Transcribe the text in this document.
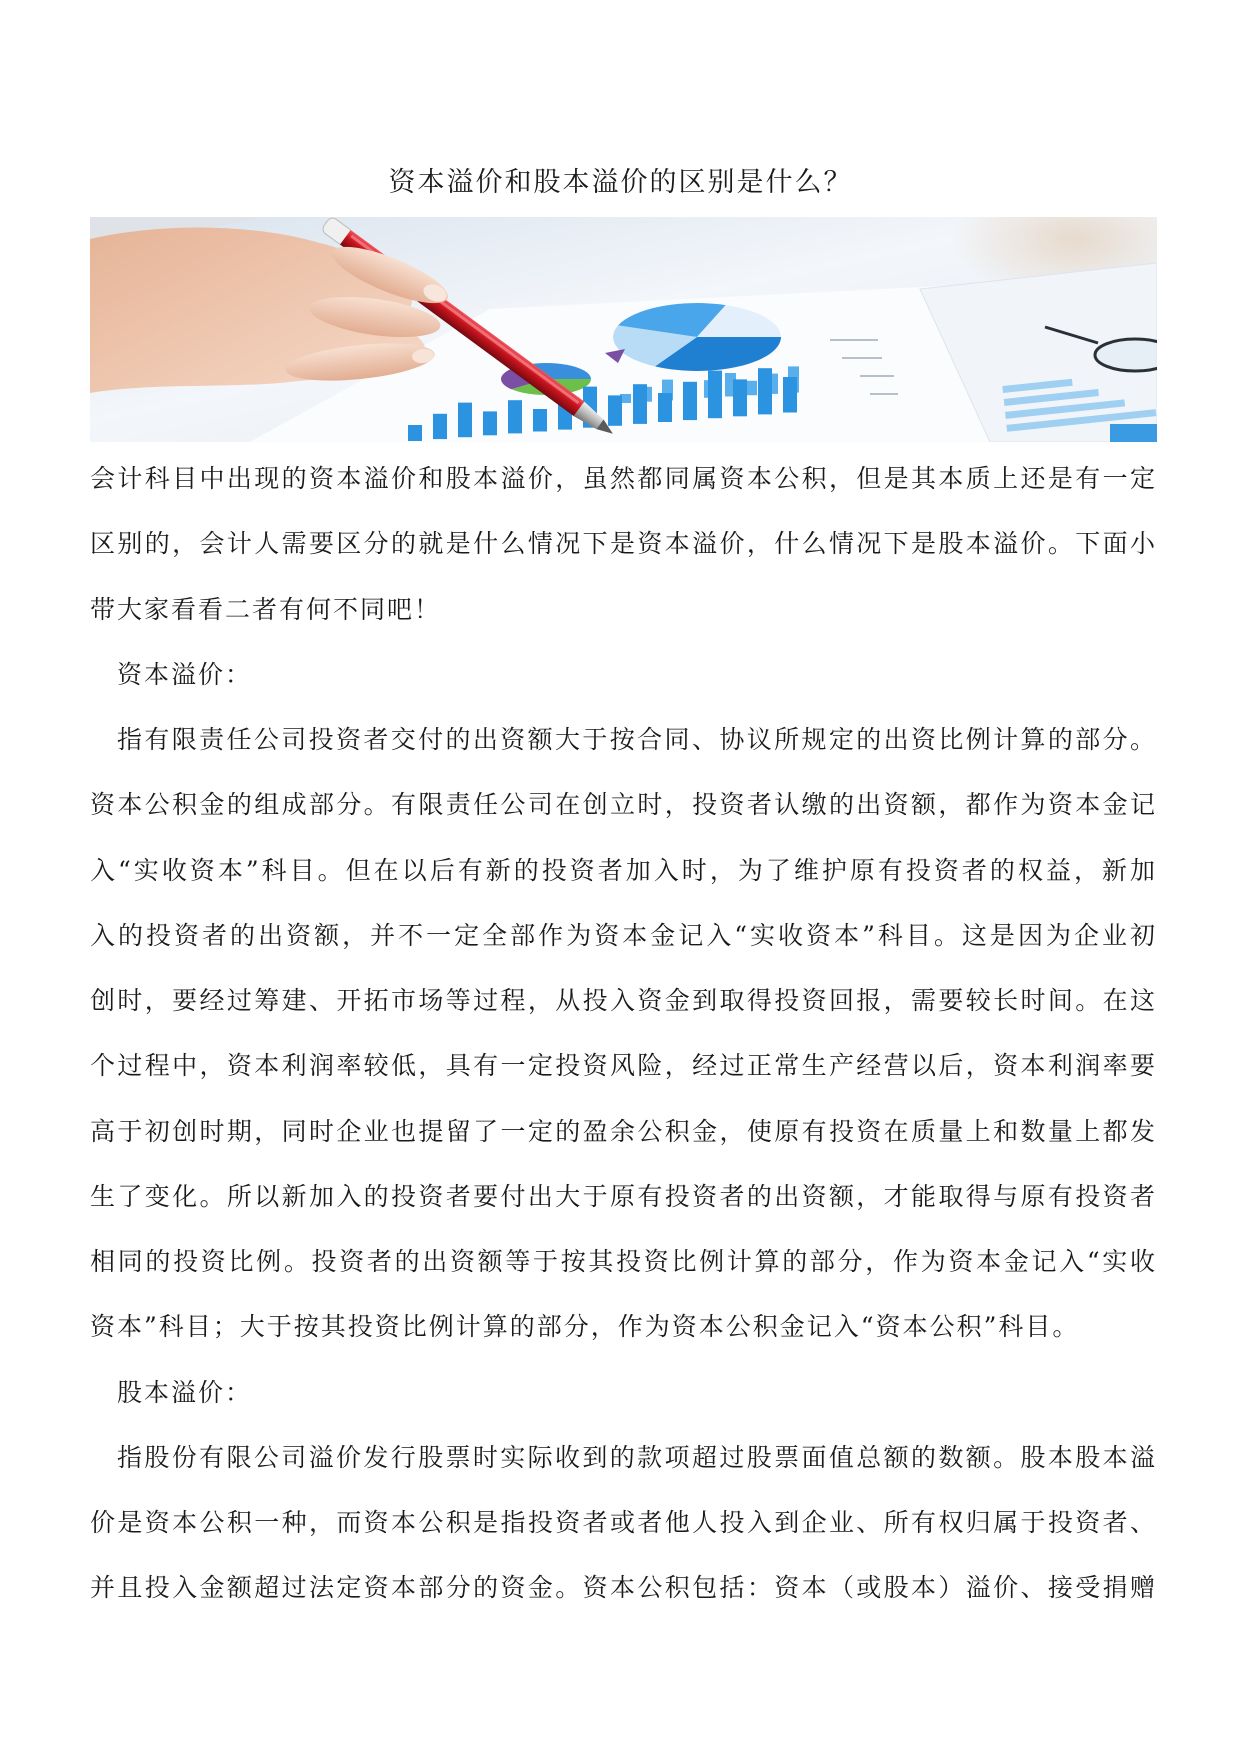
资本溢价和股本溢价的区别是什么？
会计科目中出现的资本溢价和股本溢价，虽然都同属资本公积，但是其本质上还是有一定
区别的，会计人需要区分的就是什么情况下是资本溢价，什么情况下是股本溢价。下面小
带大家看看二者有何不同吧！
资本溢价：
指有限责任公司投资者交付的出资额大于按合同、协议所规定的出资比例计算的部分。
资本公积金的组成部分。有限责任公司在创立时，投资者认缴的出资额，都作为资本金记
入“实收资本”科目。但在以后有新的投资者加入时，为了维护原有投资者的权益，新加
入的投资者的出资额，并不一定全部作为资本金记入“实收资本”科目。这是因为企业初
创时，要经过筹建、开拓市场等过程，从投入资金到取得投资回报，需要较长时间。在这
个过程中，资本利润率较低，具有一定投资风险，经过正常生产经营以后，资本利润率要
高于初创时期，同时企业也提留了一定的盈余公积金，使原有投资在质量上和数量上都发
生了变化。所以新加入的投资者要付出大于原有投资者的出资额，才能取得与原有投资者
相同的投资比例。投资者的出资额等于按其投资比例计算的部分，作为资本金记入“实收
资本”科目；大于按其投资比例计算的部分，作为资本公积金记入“资本公积”科目。
股本溢价：
指股份有限公司溢价发行股票时实际收到的款项超过股票面值总额的数额。股本股本溢
价是资本公积一种，而资本公积是指投资者或者他人投入到企业、所有权归属于投资者、
并且投入金额超过法定资本部分的资金。资本公积包括：资本（或股本）溢价、接受捐赠
